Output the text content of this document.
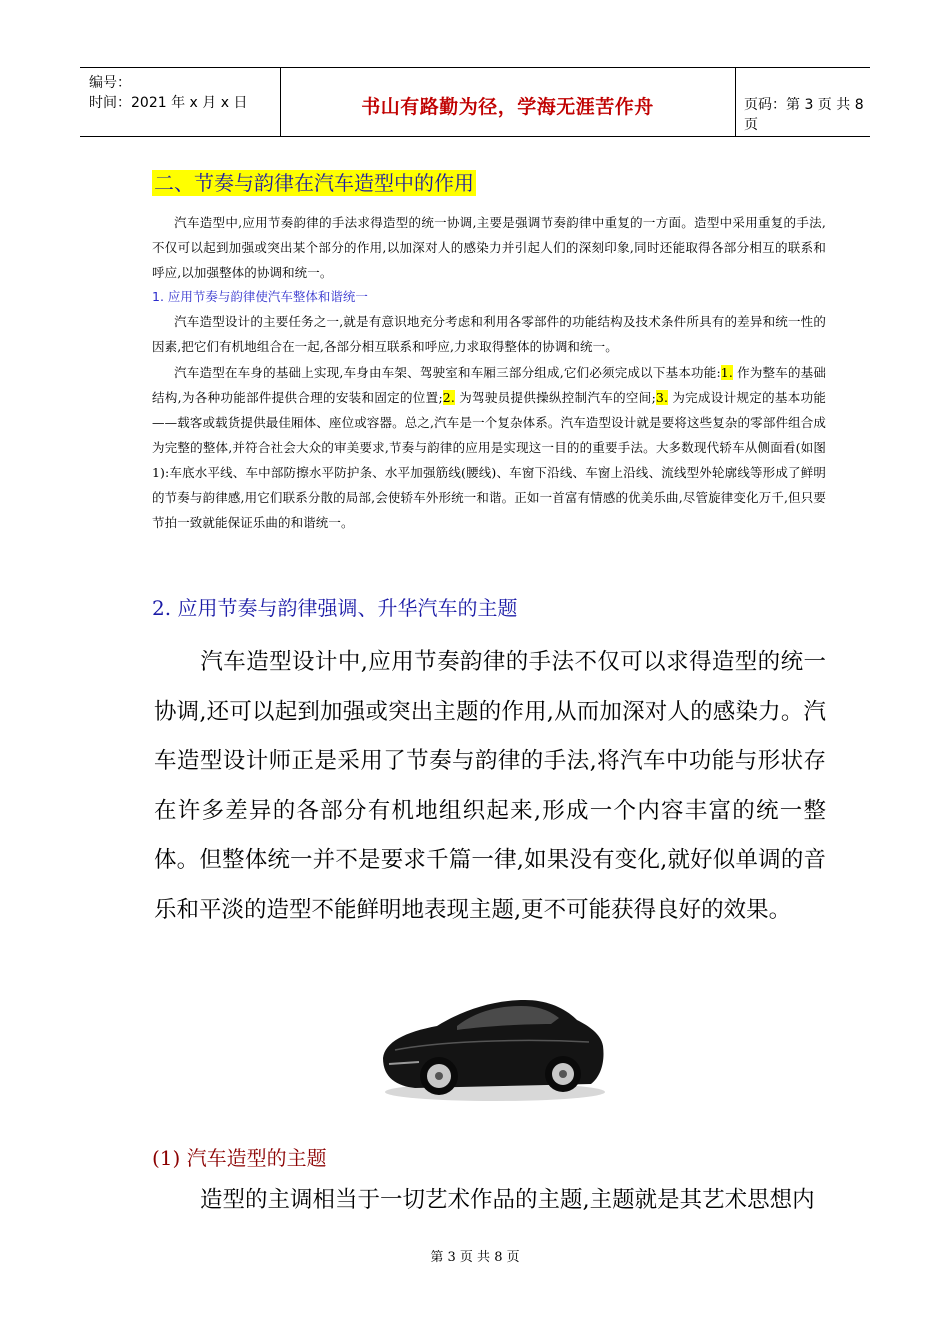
编号：
时间：2021 年 x 月 x 日	书山有路勤为径，学海无涯苦作舟	页码：第 3 页 共 8 页
二、节奏与韵律在汽车造型中的作用
汽车造型中,应用节奏韵律的手法求得造型的统一协调,主要是强调节奏韵律中重复的一方面。造型中采用重复的手法,不仅可以起到加强或突出某个部分的作用,以加深对人的感染力并引起人们的深刻印象,同时还能取得各部分相互的联系和呼应,以加强整体的协调和统一。
1. 应用节奏与韵律使汽车整体和谐统一
汽车造型设计的主要任务之一,就是有意识地充分考虑和利用各零部件的功能结构及技术条件所具有的差异和统一性的因素,把它们有机地组合在一起,各部分相互联系和呼应,力求取得整体的协调和统一。
汽车造型在车身的基础上实现,车身由车架、驾驶室和车厢三部分组成,它们必须完成以下基本功能:1. 作为整车的基础结构,为各种功能部件提供合理的安装和固定的位置;2. 为驾驶员提供操纵控制汽车的空间;3. 为完成设计规定的基本功能——载客或载货提供最佳厢体、座位或容器。总之,汽车是一个复杂体系。汽车造型设计就是要将这些复杂的零部件组合成为完整的整体,并符合社会大众的审美要求,节奏与韵律的应用是实现这一目的的重要手法。大多数现代轿车从侧面看(如图 1):车底水平线、车中部防擦水平防护条、水平加强筋线(腰线)、车窗下沿线、车窗上沿线、流线型外轮廓线等形成了鲜明的节奏与韵律感,用它们联系分散的局部,会使轿车外形统一和谐。正如一首富有情感的优美乐曲,尽管旋律变化万千,但只要节拍一致就能保证乐曲的和谐统一。
2. 应用节奏与韵律强调、升华汽车的主题
汽车造型设计中,应用节奏韵律的手法不仅可以求得造型的统一协调,还可以起到加强或突出主题的作用,从而加深对人的感染力。汽车造型设计师正是采用了节奏与韵律的手法,将汽车中功能与形状存在许多差异的各部分有机地组织起来,形成一个内容丰富的统一整体。但整体统一并不是要求千篇一律,如果没有变化,就好似单调的音乐和平淡的造型不能鲜明地表现主题,更不可能获得良好的效果。
(1) 汽车造型的主题
造型的主调相当于一切艺术作品的主题,主题就是其艺术思想内
第 3 页 共 8 页
